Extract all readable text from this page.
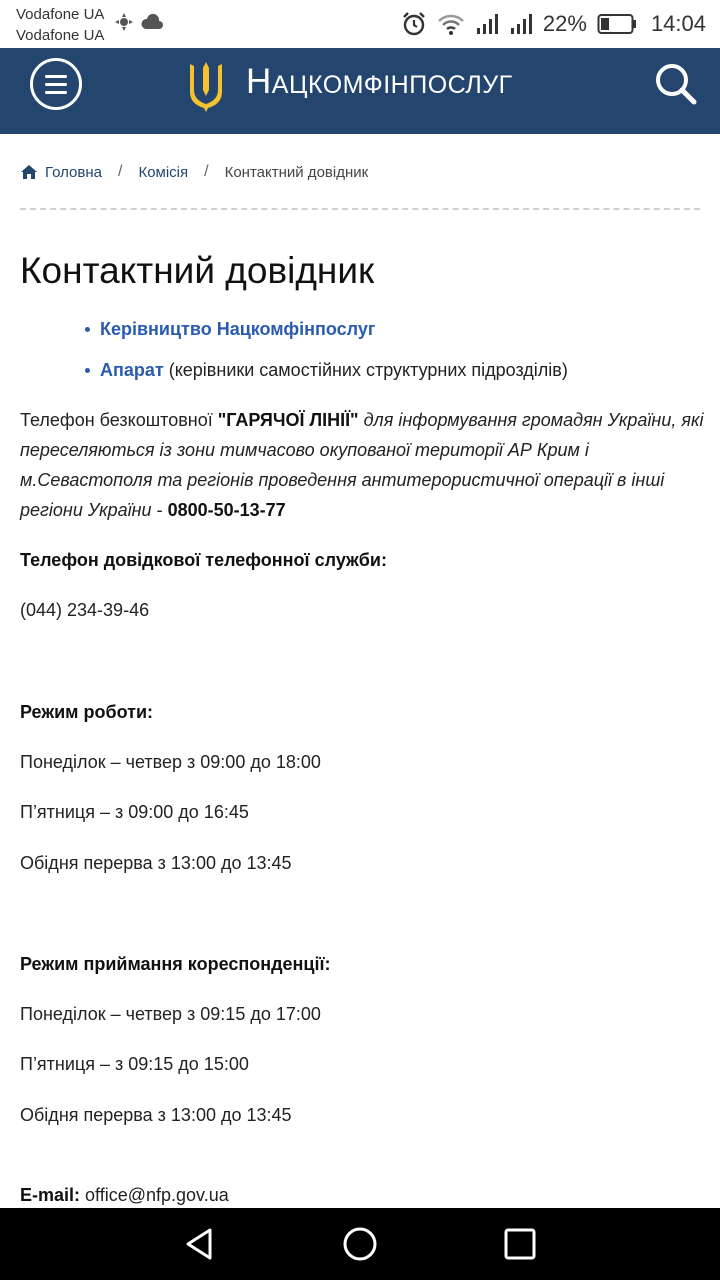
Vodafone UA
Vodafone UA	22%	14:04
Нацкомфінпослуг
Головна / Комісія / Контактний довідник
Контактний довідник
Керівництво Нацкомфінпослуг
Апарат (керівники самостійних структурних підрозділів)

Телефон безкоштовної "ГАРЯЧОЇ ЛІНІЇ" для інформування громадян України, які переселяються із зони тимчасово окупованої території АР Крим і м.Севастополя та регіонів проведення антитерористичної операції в інші регіони України - 0800-50-13-77

Телефон довідкової телефонної служби:
(044) 234-39-46
Режим роботи:
Понеділок – четвер з 09:00 до 18:00
П’ятниця – з 09:00 до 16:45
Обідня перерва з 13:00 до 13:45
Режим приймання кореспонденції:
Понеділок – четвер з 09:15 до 17:00
П’ятниця – з 09:15 до 15:00
Обідня перерва з 13:00 до 13:45
E-mail: office@nfp.gov.ua
